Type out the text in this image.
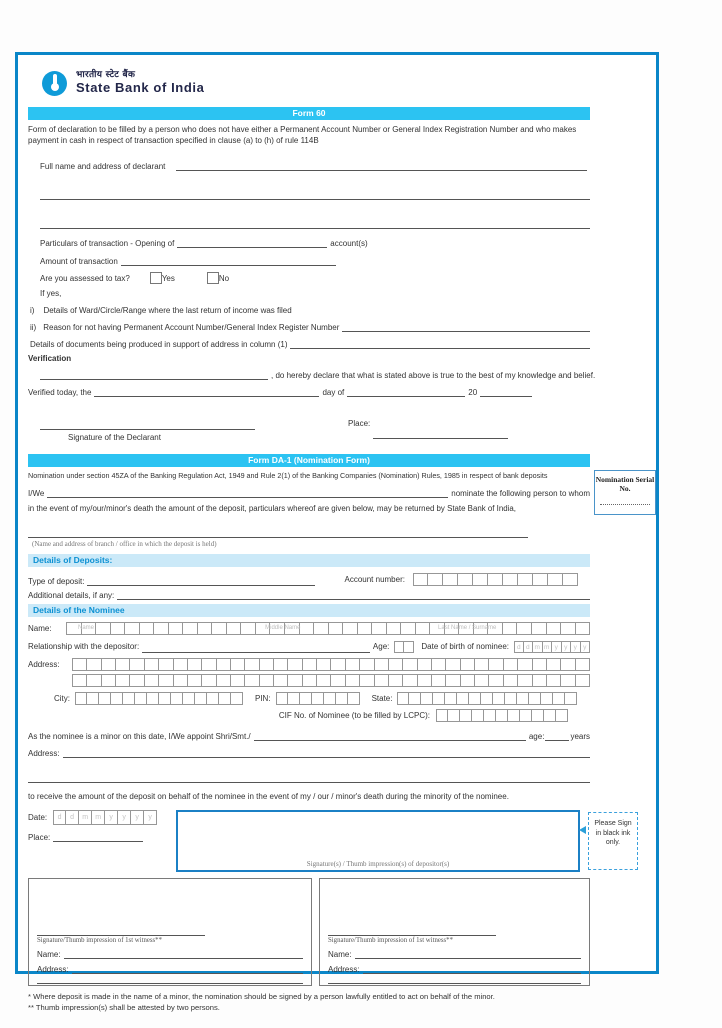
भारतीय स्टेट बैंक
State Bank of India
Form 60
Form of declaration to be filled by a person who does not have either a Permanent Account Number or General Index Registration Number and who makes payment in cash in respect of transaction specified in clause (a) to (h) of rule 114B
Full name and address of declarant
Particulars of transaction - Opening of	account(s)
Amount of transaction
Are you assessed to tax?	Yes	No
If yes,
i) Details of Ward/Circle/Range where the last return of income was filed
ii) Reason for not having Permanent Account Number/General Index Register Number
Details of documents being produced in support of address in column (1)
Verification
, do hereby declare that what is stated above is true to the best of my knowledge and belief.
Verified today, the	day of	20
Signature of the Declarant
Place:
Form DA-1 (Nomination Form)
Nomination Serial No.
Nomination under section 45ZA of the Banking Regulation Act, 1949 and Rule 2(1) of the Banking Companies (Nomination) Rules, 1985 in respect of bank deposits
I/We	nominate the following person to whom
in the event of my/our/minor's death the amount of the deposit, particulars whereof are given below, may be returned by State Bank of India,
(Name and address of branch / office in which the deposit is held)
Details of Deposits:
Type of deposit:	Account number:
Additional details, if any:
Details of the Nominee
Name:	Name	Middle Name	Last Name / Surname
Relationship with the depositor:	Age:	Date of birth of nominee:	d d m m y y y y
Address:
City:	PIN:	State:
CIF No. of Nominee (to be filled by LCPC):
As the nominee is a minor on this date, I/We appoint Shri/Smt./	age:	years
Address:
to receive the amount of the deposit on behalf of the nominee in the event of my / our / minor's death during the minority of the nominee.
Date:	d	d	m	m	y	y	y	y
Place:
Signature(s) / Thumb impression(s) of depositor(s)
Please Sign in black ink only.
Signature/Thumb impression of 1st witness**
Name:
Address:
Signature/Thumb impression of 1st witness**
Name:
Address:
* Where deposit is made in the name of a minor, the nomination should be signed by a person lawfully entitled to act on behalf of the minor.
** Thumb impression(s) shall be attested by two persons.
